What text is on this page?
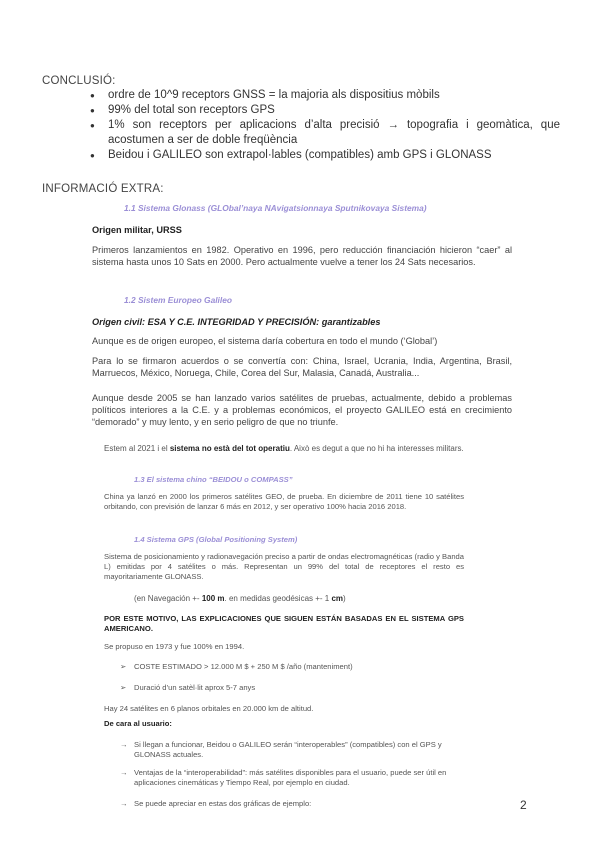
CONCLUSIÓ:
● ordre de 10^9 receptors GNSS = la majoria als dispositius mòbils
● 99% del total son receptors GPS
● 1% son receptors per aplicacions d’alta precisió → topografia i geomàtica, que acostumen a ser de doble freqüència
● Beidou i GALILEO son extrapol·lables (compatibles) amb GPS i GLONASS
INFORMACIÓ EXTRA:
1.1 Sistema Glonass (GLObal’naya NAvigatsionnaya Sputnikovaya Sistema)
Origen militar, URSS
Primeros lanzamientos en 1982. Operativo en 1996, pero reducción financiación hicieron “caer” al sistema hasta unos 10 Sats en 2000. Pero actualmente vuelve a tener los 24 Sats necesarios.
1.2 Sistem Europeo Galileo
Origen civil: ESA Y C.E. INTEGRIDAD Y PRECISIÓN: garantizables
Aunque es de origen europeo, el sistema daría cobertura en todo el mundo (‘Global’)
Para lo se firmaron acuerdos o se convertía con: China, Israel, Ucrania, India, Argentina, Brasil, Marruecos, México, Noruega, Chile, Corea del Sur, Malasia, Canadá, Australia...
Aunque desde 2005 se han lanzado varios satélites de pruebas, actualmente, debido a problemas políticos interiores a la C.E. y a problemas económicos, el proyecto GALILEO está en crecimiento “demorado” y muy lento, y en serio peligro de que no triunfe.
Estem al 2021 i el sistema no està del tot operatiu. Això es degut a que no hi ha interesses militars.
1.3 El sistema chino “BEIDOU o COMPASS”
China ya lanzó en 2000 los primeros satélites GEO, de prueba. En diciembre de 2011 tiene 10 satélites orbitando, con previsión de lanzar 6 más en 2012, y ser operativo 100% hacia 2016 2018.
1.4 Sistema GPS (Global Positioning System)
Sistema de posicionamiento y radionavegación preciso a partir de ondas electromagnéticas (radio y Banda L) emitidas por 4 satélites o más. Representan un 99% del total de receptores el resto es mayoritariamente GLONASS.
(en Navegación +- 100 m. en medidas geodésicas +- 1 cm)
POR ESTE MOTIVO, LAS EXPLICACIONES QUE SIGUEN ESTÁN BASADAS EN EL SISTEMA GPS AMERICANO.
Se propuso en 1973 y fue 100% en 1994.
➢ COSTE ESTIMADO > 12.000 M $ + 250 M $ /año (manteniment)
➢ Duració d’un satèl·lit aprox 5-7 anys
Hay 24 satélites en 6 planos orbitales en 20.000 km de altitud.
De cara al usuario:
→ Si llegan a funcionar, Beidou o GALILEO serán “interoperables” (compatibles) con el GPS y GLONASS actuales.
→ Ventajas de la “interoperabilidad”: más satélites disponibles para el usuario, puede ser útil en aplicaciones cinemáticas y Tiempo Real, por ejemplo en ciudad.
→ Se puede apreciar en estas dos gráficas de ejemplo:	2
